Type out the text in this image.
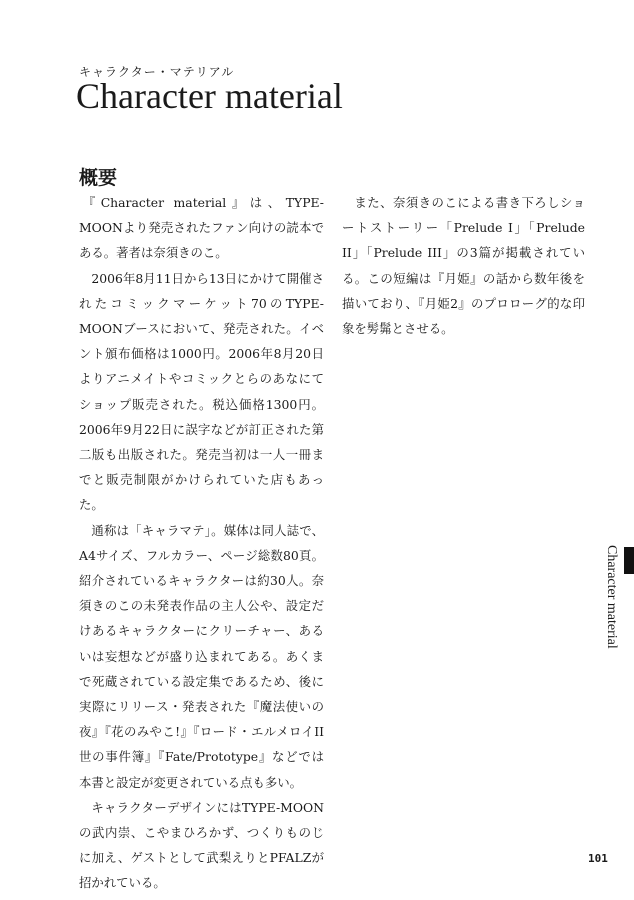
キャラクター・マテリアル
Character material
概要

『Character material』は、TYPE-MOONより発売されたファン向けの読本である。著者は奈須きのこ。

2006年8月11日から13日にかけて開催されたコミックマーケット70のTYPE-MOONブースにおいて、発売された。イベント頒布価格は1000円。2006年8月20日よりアニメイトやコミックとらのあなにてショップ販売された。税込価格1300円。2006年9月22日に誤字などが訂正された第二版も出版された。発売当初は一人一冊までと販売制限がかけられていた店もあった。

通称は「キャラマテ」。媒体は同人誌で、A4サイズ、フルカラー、ページ総数80頁。紹介されているキャラクターは約30人。奈須きのこの未発表作品の主人公や、設定だけあるキャラクターにクリーチャー、あるいは妄想などが盛り込まれてある。あくまで死蔵されている設定集であるため、後に実際にリリース・発表された『魔法使いの夜』『花のみやこ!』『ロード・エルメロイII世の事件簿』『Fate/Prototype』などでは本書と設定が変更されている点も多い。

キャラクターデザインにはTYPE-MOONの武内崇、こやまひろかず、つくりものじに加え、ゲストとして武梨えりとPFALZが招かれている。

また、奈須きのこによる書き下ろしショートストーリー「Prelude I」「Prelude II」「Prelude III」の3篇が掲載されている。この短編は『月姫』の話から数年後を描いており、『月姫2』のプロローグ的な印象を髣髴とさせる。

Character material
101
